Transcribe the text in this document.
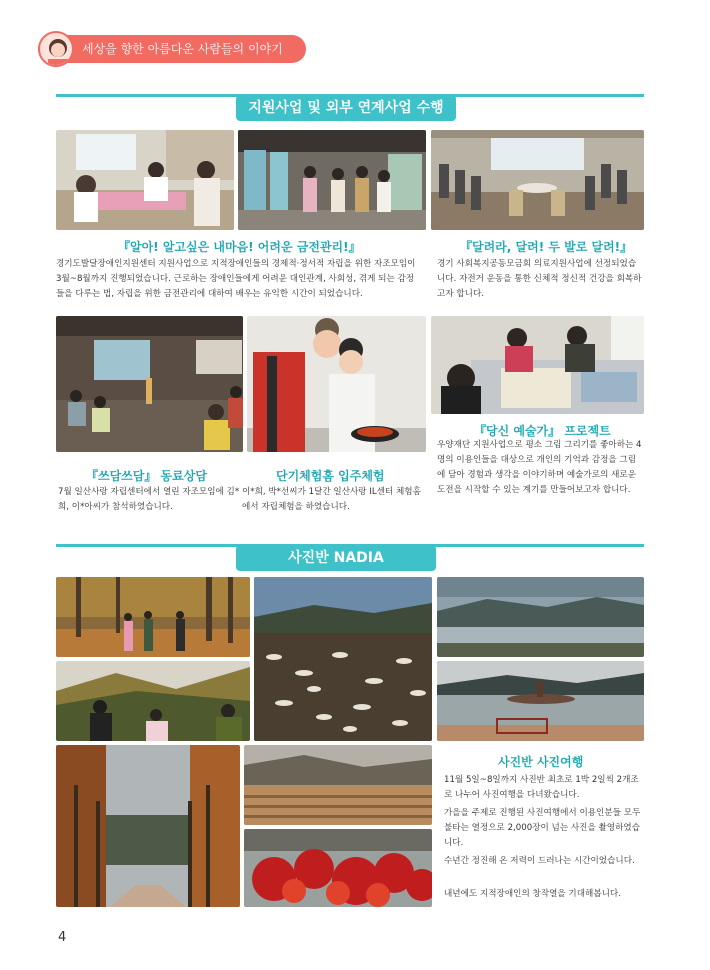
세상을 향한 아름다운 사람들의 이야기
지원사업 및 외부 연계사업 수행
『알아! 알고싶은 내마음! 어려운 금전관리!』
경기도발달장애인지원센터 지원사업으로 지적장애인들의 경제적·정서적 자립을 위한 자조모임이 3월~8월까지 진행되었습니다. 근로하는 장애인들에게 어려운 대인관계, 사회성, 겪게 되는 감정들을 다루는 법, 자립을 위한 금전관리에 대하여 배우는 유익한 시간이 되었습니다.
『달려라, 달려! 두 발로 달려!』
경기 사회복지공동모금회 의료지원사업에 선정되었습니다. 자전거 운동을 통한 신체적 정신적 건강을 회복하고자 합니다.
『쓰담쓰담』 동료상담
7월 일산사랑 자립센터에서 열린 자조모임에 김*희, 이*아씨가 참석하였습니다.
단기체험홈 입주체험
이*희, 박*선씨가 1달간 일산사랑 IL센터 체험홈에서 자립체험을 하였습니다.
『당신 예술가』 프로젝트
우양재단 지원사업으로 평소 그림 그리기를 좋아하는 4명의 이용인들을 대상으로 개인의 기억과 감정을 그림에 담아 경험과 생각을 이야기하며 예술가로의 새로운 도전을 시작할 수 있는 계기를 만들어보고자 합니다.
사진반 NADIA
사진반 사진여행
11월 5일~8일까지 사진반 최초로 1박 2일씩 2개조로 나누어 사진여행을 다녀왔습니다.
가을을 주제로 진행된 사진여행에서 이용인분들 모두 불타는 열정으로 2,000장이 넘는 사진을 촬영하였습니다.
수년간 정진해 온 저력이 드러나는 시간이었습니다.
내년에도 지적장애인의 창작열을 기대해봅니다.
4
